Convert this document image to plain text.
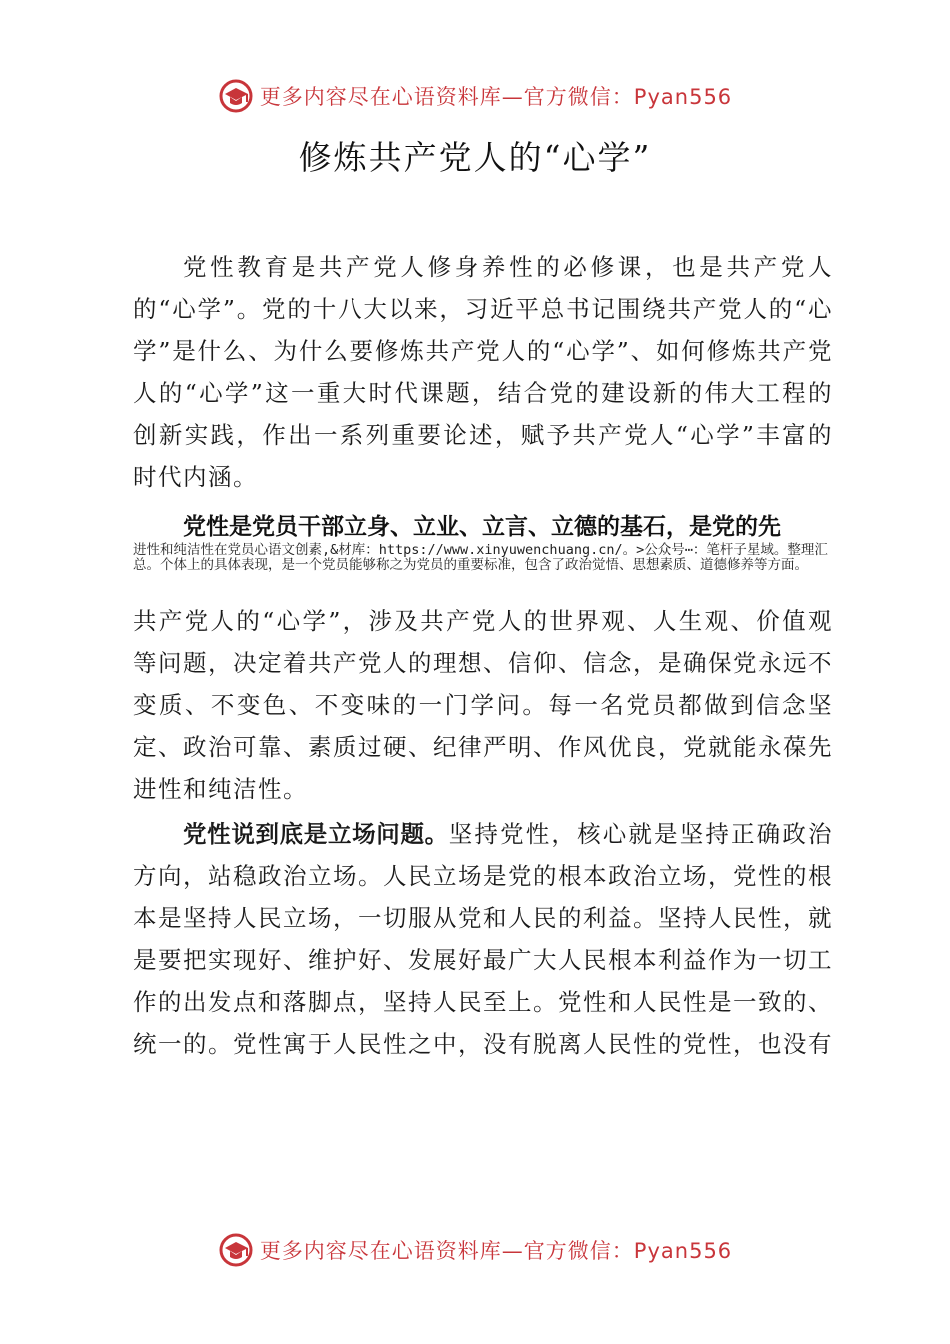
更多内容尽在心语资料库—官方微信：Pyan556
修炼共产党人的“心学”
党性教育是共产党人修身养性的必修课，也是共产党人的“心学”。党的十八大以来，习近平总书记围绕共产党人的“心学”是什么、为什么要修炼共产党人的“心学”、如何修炼共产党人的“心学”这一重大时代课题，结合党的建设新的伟大工程的创新实践，作出一系列重要论述，赋予共产党人“心学”丰富的时代内涵。
党性是党员干部立身、立业、立言、立德的基石，是党的先
进性和纯洁性在党员心语文创素,&材库：https://www.xinyuwenchuang.cn/。>公众号⋯：笔杆子星域。整理汇总。个体上的具体表现，是一个党员能够称之为党员的重要标准，包含了政治觉悟、思想素质、道德修养等方面。
共产党人的“心学”，涉及共产党人的世界观、人生观、价值观等问题，决定着共产党人的理想、信仰、信念，是确保党永远不变质、不变色、不变味的一门学问。每一名党员都做到信念坚定、政治可靠、素质过硬、纪律严明、作风优良，党就能永葆先进性和纯洁性。
党性说到底是立场问题。坚持党性，核心就是坚持正确政治方向，站稳政治立场。人民立场是党的根本政治立场，党性的根本是坚持人民立场，一切服从党和人民的利益。坚持人民性，就是要把实现好、维护好、发展好最广大人民根本利益作为一切工作的出发点和落脚点，坚持人民至上。党性和人民性是一致的、统一的。党性寓于人民性之中，没有脱离人民性的党性，也没有
更多内容尽在心语资料库—官方微信：Pyan556
